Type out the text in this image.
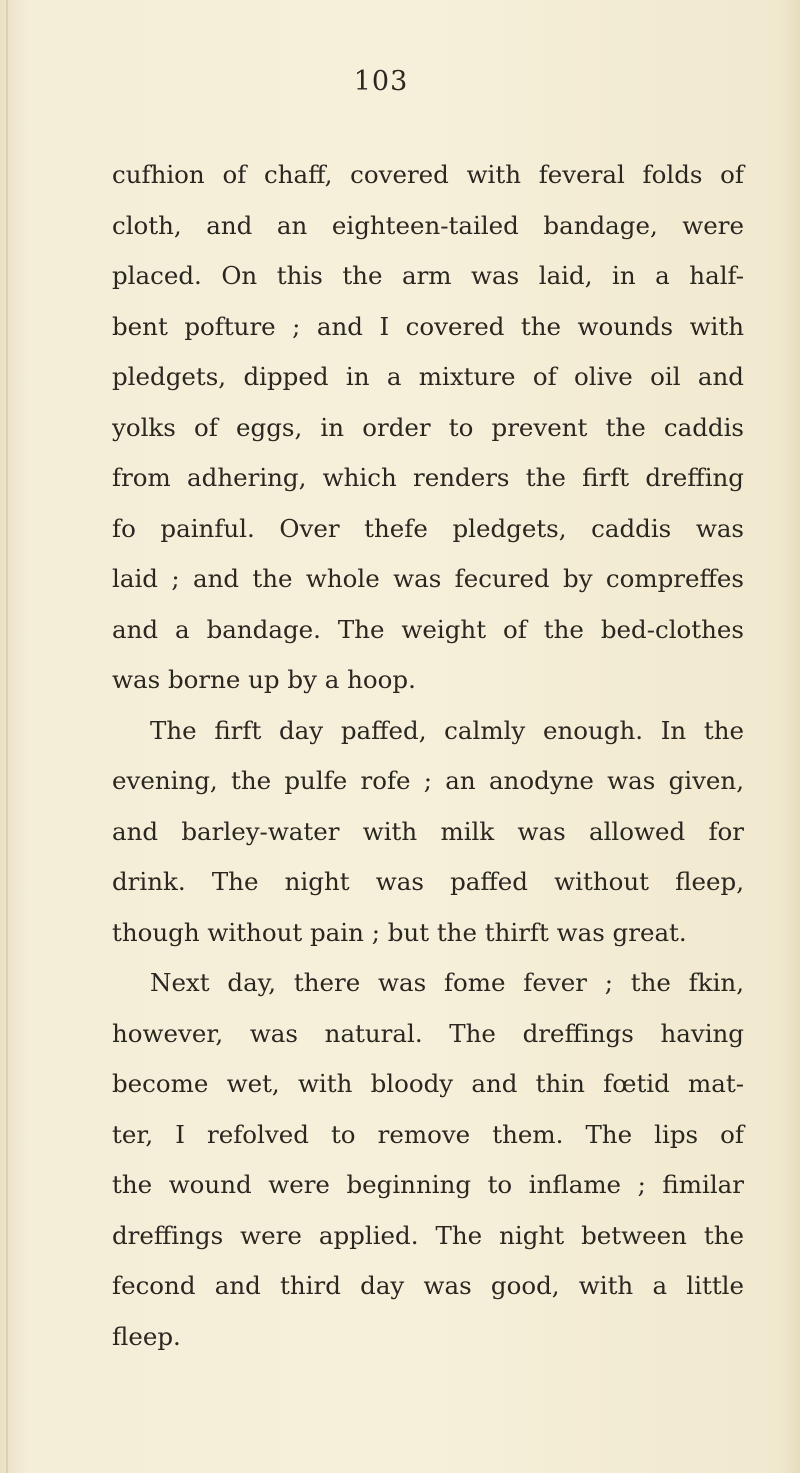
103
cufhion of chaff, covered with feveral folds of
cloth, and an eighteen-tailed bandage, were
placed. On this the arm was laid, in a half-
bent pofture ; and I covered the wounds with
pledgets, dipped in a mixture of olive oil and
yolks of eggs, in order to prevent the caddis
from adhering, which renders the firft dreffing
fo painful. Over thefe pledgets, caddis was
laid ; and the whole was fecured by compreffes
and a bandage. The weight of the bed-clothes
was borne up by a hoop.
The firft day paffed, calmly enough. In the
evening, the pulfe rofe ; an anodyne was given,
and barley-water with milk was allowed for
drink. The night was paffed without fleep,
though without pain ; but the thirft was great.
Next day, there was fome fever ; the fkin,
however, was natural. The dreffings having
become wet, with bloody and thin fœtid mat-
ter, I refolved to remove them. The lips of
the wound were beginning to inflame ; fimilar
dreffings were applied. The night between the
fecond and third day was good, with a little
fleep.
